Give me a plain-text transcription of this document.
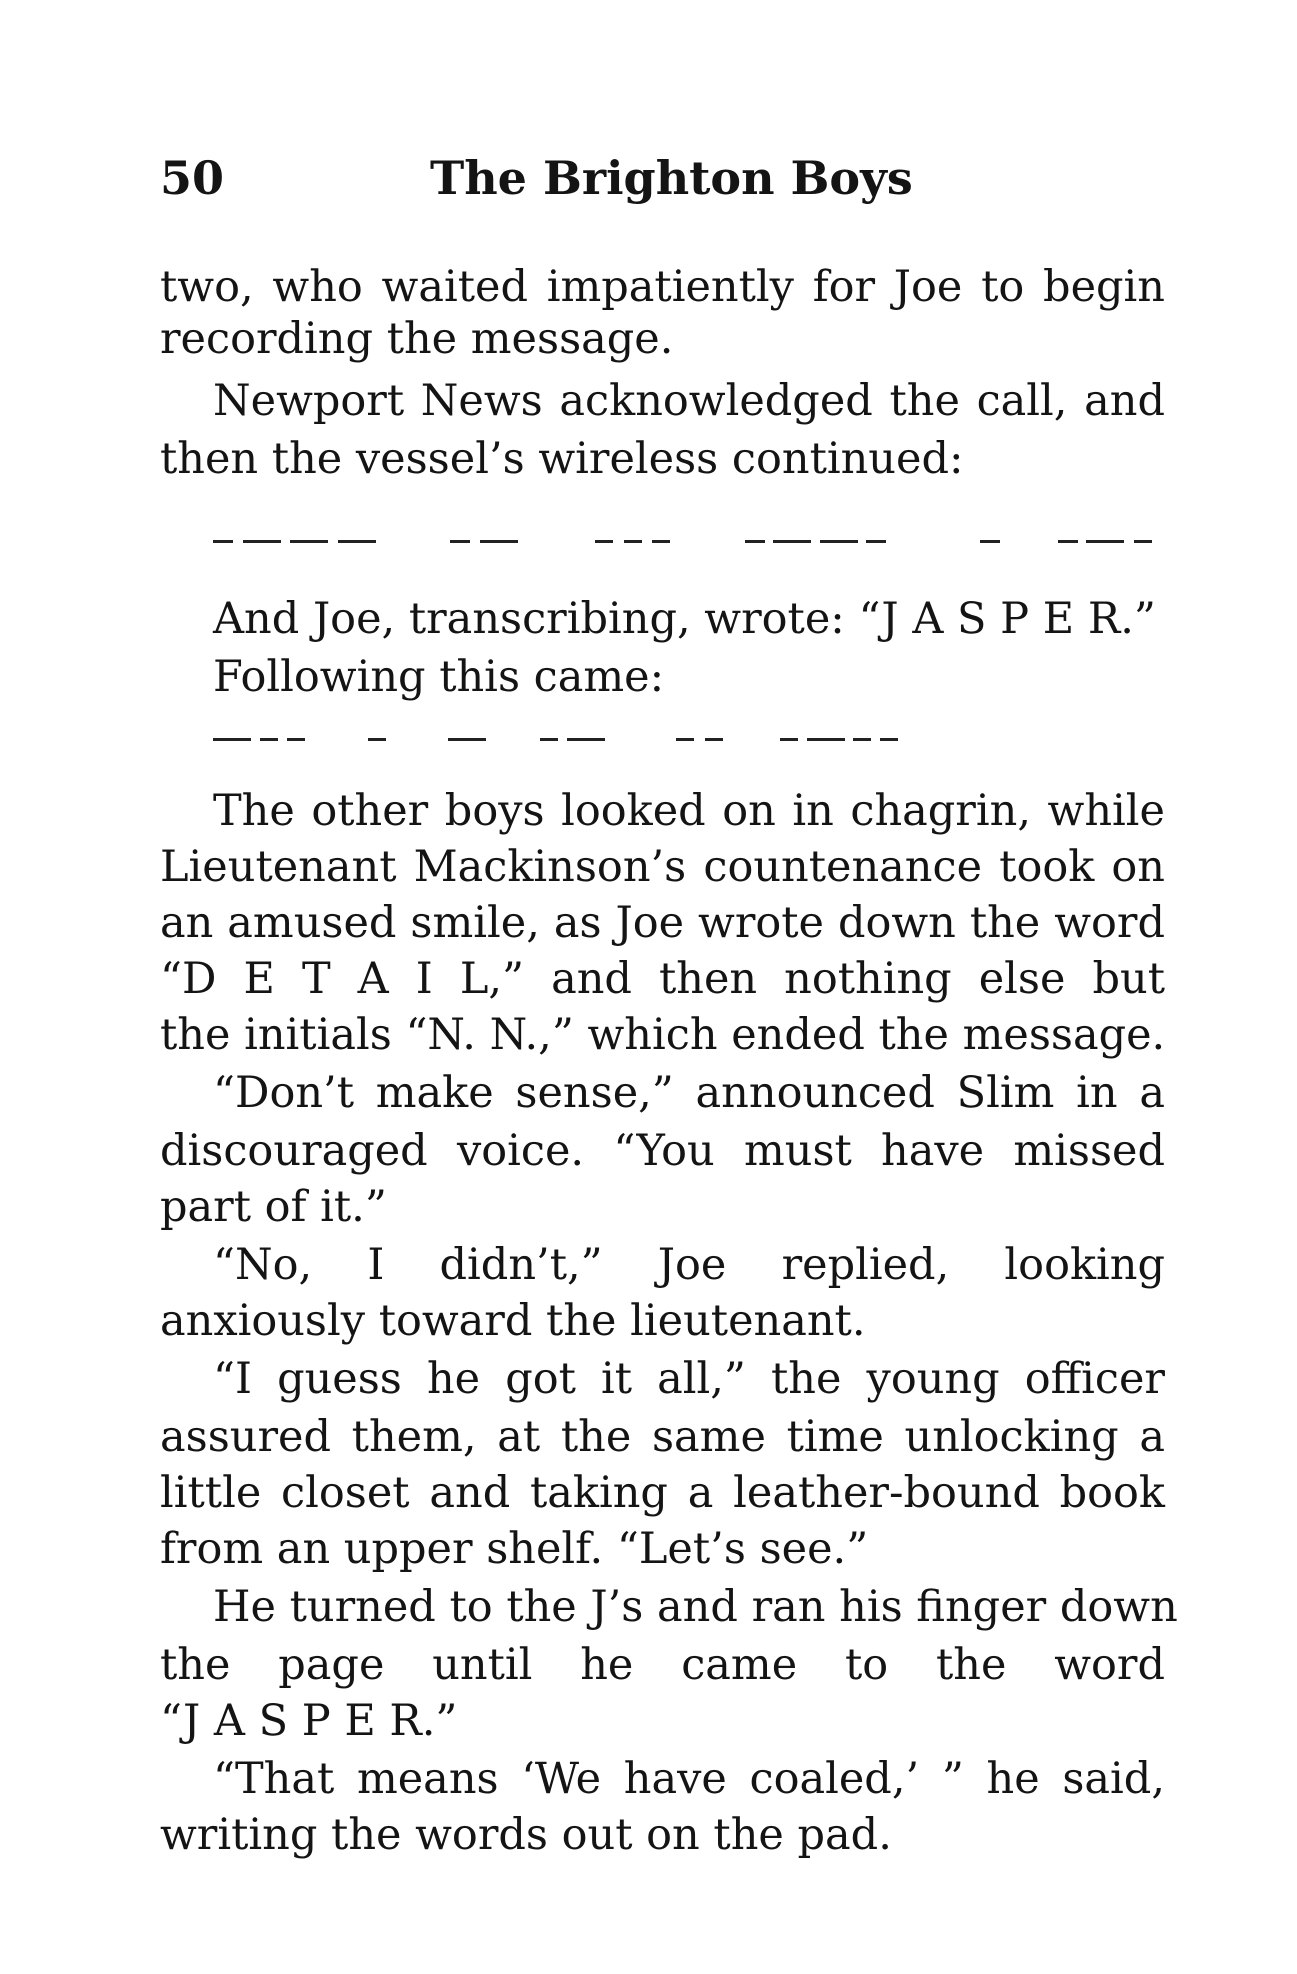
50	The Brighton Boys
two, who waited impatiently for Joe to begin
recording the message.
Newport News acknowledged the call, and
then the vessel’s wireless continued:
And Joe, transcribing, wrote: “J A S P E R.”
Following this came:
The other boys looked on in chagrin, while
Lieutenant Mackinson’s countenance took on
an amused smile, as Joe wrote down the word
“D E T A I L,” and then nothing else but
the initials “N. N.,” which ended the message.
“Don’t make sense,” announced Slim in a
discouraged voice. “You must have missed
part of it.”
“No, I didn’t,” Joe replied, looking
anxiously toward the lieutenant.
“I guess he got it all,” the young officer
assured them, at the same time unlocking a
little closet and taking a leather-bound book
from an upper shelf. “Let’s see.”
He turned to the J’s and ran his finger down
the page until he came to the word
“J A S P E R.”
“That means ‘We have coaled,’ ” he said,
writing the words out on the pad.
